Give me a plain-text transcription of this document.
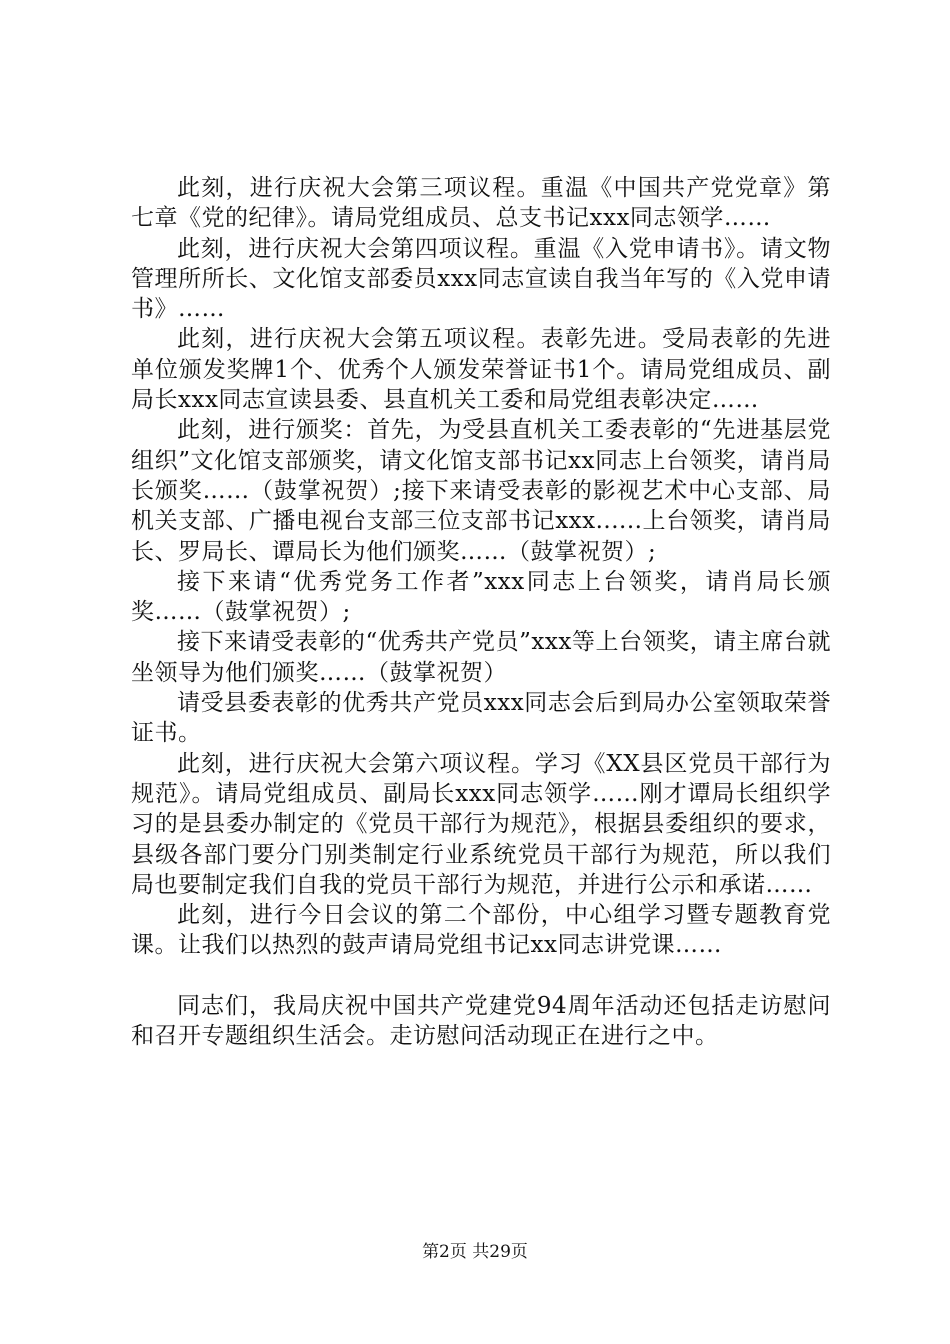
此刻，进行庆祝大会第三项议程。重温《中国共产党党章》第七章《党的纪律》。请局党组成员、总支书记xxx同志领学……

此刻，进行庆祝大会第四项议程。重温《入党申请书》。请文物管理所所长、文化馆支部委员xxx同志宣读自我当年写的《入党申请书》……

此刻，进行庆祝大会第五项议程。表彰先进。受局表彰的先进单位颁发奖牌1个、优秀个人颁发荣誉证书1个。请局党组成员、副局长xxx同志宣读县委、县直机关工委和局党组表彰决定……

此刻，进行颁奖：首先，为受县直机关工委表彰的“先进基层党组织”文化馆支部颁奖，请文化馆支部书记xx同志上台领奖，请肖局长颁奖……（鼓掌祝贺）;接下来请受表彰的影视艺术中心支部、局机关支部、广播电视台支部三位支部书记xxx......上台领奖，请肖局长、罗局长、谭局长为他们颁奖……（鼓掌祝贺）;

接下来请“优秀党务工作者”xxx同志上台领奖，请肖局长颁奖……（鼓掌祝贺）;

接下来请受表彰的“优秀共产党员”xxx等上台领奖，请主席台就坐领导为他们颁奖……（鼓掌祝贺）

请受县委表彰的优秀共产党员xxx同志会后到局办公室领取荣誉证书。

此刻，进行庆祝大会第六项议程。学习《XX县区党员干部行为规范》。请局党组成员、副局长xxx同志领学……刚才谭局长组织学习的是县委办制定的《党员干部行为规范》，根据县委组织的要求，县级各部门要分门别类制定行业系统党员干部行为规范，所以我们局也要制定我们自我的党员干部行为规范，并进行公示和承诺……

此刻，进行今日会议的第二个部份，中心组学习暨专题教育党课。让我们以热烈的鼓声请局党组书记xx同志讲党课……

同志们，我局庆祝中国共产党建党94周年活动还包括走访慰问和召开专题组织生活会。走访慰问活动现正在进行之中。

第2页 共29页
